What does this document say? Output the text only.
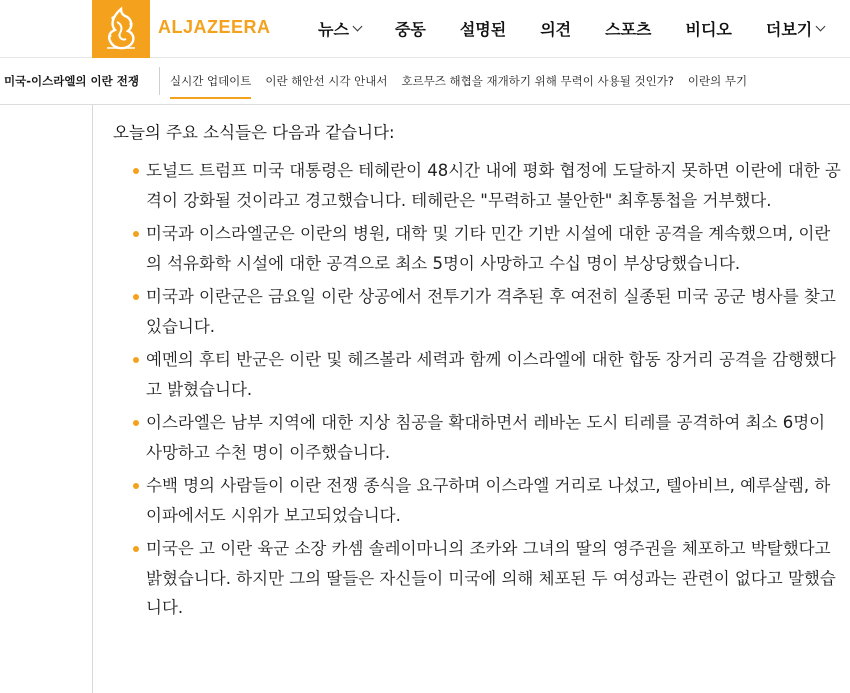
ALJAZEERA	뉴스	중동 설명된 의견 스포츠 비디오 더보기
미국-이스라엘의 이란 전쟁	실시간 업데이트 이란 해안선 시각 안내서 호르무즈 해협을 재개하기 위해 무력이 사용될 것인가? 이란의 무기

오늘의 주요 소식들은 다음과 같습니다:

도널드 트럼프 미국 대통령은 테헤란이 48시간 내에 평화 협정에 도달하지 못하면 이란에 대한 공격이 강화될 것이라고 경고했습니다. 테헤란은 "무력하고 불안한" 최후통첩을 거부했다.
미국과 이스라엘군은 이란의 병원, 대학 및 기타 민간 기반 시설에 대한 공격을 계속했으며, 이란의 석유화학 시설에 대한 공격으로 최소 5명이 사망하고 수십 명이 부상당했습니다.
미국과 이란군은 금요일 이란 상공에서 전투기가 격추된 후 여전히 실종된 미국 공군 병사를 찾고 있습니다.
예멘의 후티 반군은 이란 및 헤즈볼라 세력과 함께 이스라엘에 대한 합동 장거리 공격을 감행했다고 밝혔습니다.
이스라엘은 남부 지역에 대한 지상 침공을 확대하면서 레바논 도시 티레를 공격하여 최소 6명이 사망하고 수천 명이 이주했습니다.
수백 명의 사람들이 이란 전쟁 종식을 요구하며 이스라엘 거리로 나섰고, 텔아비브, 예루살렘, 하이파에서도 시위가 보고되었습니다.
미국은 고 이란 육군 소장 카셈 솔레이마니의 조카와 그녀의 딸의 영주권을 체포하고 박탈했다고 밝혔습니다. 하지만 그의 딸들은 자신들이 미국에 의해 체포된 두 여성과는 관련이 없다고 말했습니다.
